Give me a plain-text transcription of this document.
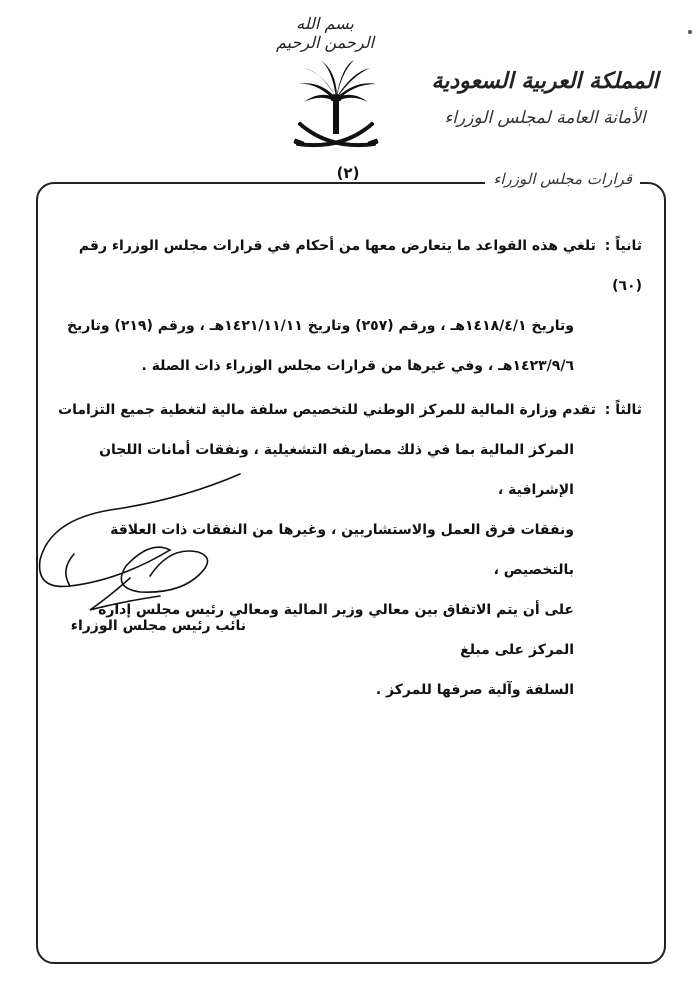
بسم الله الرحمن الرحيم
المملكة العربية السعودية
الأمانة العامة لمجلس الوزراء
(٢)	قرارات مجلس الوزراء
ثانياً : تلغي هذه القواعد ما يتعارض معها من أحكام في قرارات مجلس الوزراء رقم (٦٠)
وتاريخ ١٤١٨/٤/١هـ ، ورقم (٢٥٧) وتاريخ ١٤٢١/١١/١١هـ ، ورقم (٢١٩) وتاريخ
١٤٢٣/٩/٦هـ ، وفي غيرها من قرارات مجلس الوزراء ذات الصلة .
ثالثاً : تقدم وزارة المالية للمركز الوطني للتخصيص سلفة مالية لتغطية جميع التزامات
المركز المالية بما في ذلك مصاريفه التشغيلية ، ونفقات أمانات اللجان الإشرافية ،
ونفقات فرق العمل والاستشاريين ، وغيرها من النفقات ذات العلاقة بالتخصيص ،
على أن يتم الاتفاق بين معالي وزير المالية ومعالي رئيس مجلس إدارة المركز على مبلغ
السلفة وآلية صرفها للمركز .
نائب رئيس مجلس الوزراء
